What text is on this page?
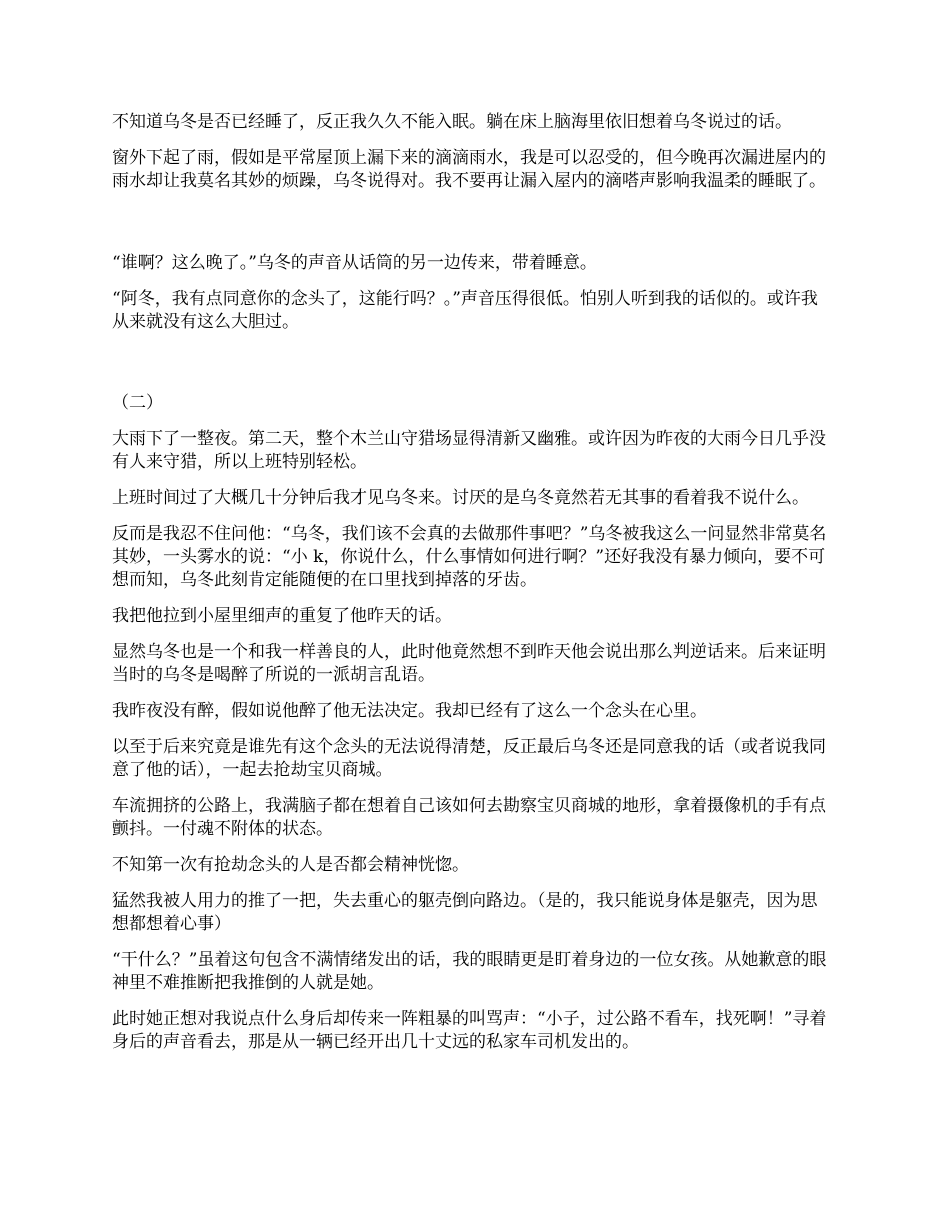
不知道乌冬是否已经睡了，反正我久久不能入眠。躺在床上脑海里依旧想着乌冬说过的话。

窗外下起了雨，假如是平常屋顶上漏下来的滴滴雨水，我是可以忍受的，但今晚再次漏进屋内的雨水却让我莫名其妙的烦躁，乌冬说得对。我不要再让漏入屋内的滴嗒声影响我温柔的睡眠了。

“谁啊？这么晚了。”乌冬的声音从话筒的另一边传来，带着睡意。

“阿冬，我有点同意你的念头了，这能行吗？。”声音压得很低。怕别人听到我的话似的。或许我从来就没有这么大胆过。

（二）

大雨下了一整夜。第二天，整个木兰山守猎场显得清新又幽雅。或许因为昨夜的大雨今日几乎没有人来守猎，所以上班特别轻松。

上班时间过了大概几十分钟后我才见乌冬来。讨厌的是乌冬竟然若无其事的看着我不说什么。

反而是我忍不住问他：“乌冬，我们该不会真的去做那件事吧？”乌冬被我这么一问显然非常莫名其妙，一头雾水的说：“小 k，你说什么，什么事情如何进行啊？”还好我没有暴力倾向，要不可想而知，乌冬此刻肯定能随便的在口里找到掉落的牙齿。

我把他拉到小屋里细声的重复了他昨天的话。

显然乌冬也是一个和我一样善良的人，此时他竟然想不到昨天他会说出那么判逆话来。后来证明当时的乌冬是喝醉了所说的一派胡言乱语。

我昨夜没有醉，假如说他醉了他无法决定。我却已经有了这么一个念头在心里。

以至于后来究竟是谁先有这个念头的无法说得清楚，反正最后乌冬还是同意我的话（或者说我同意了他的话），一起去抢劫宝贝商城。

车流拥挤的公路上，我满脑子都在想着自己该如何去勘察宝贝商城的地形，拿着摄像机的手有点颤抖。一付魂不附体的状态。

不知第一次有抢劫念头的人是否都会精神恍惚。

猛然我被人用力的推了一把，失去重心的躯壳倒向路边。（是的，我只能说身体是躯壳，因为思想都想着心事）

“干什么？”虽着这句包含不满情绪发出的话，我的眼睛更是盯着身边的一位女孩。从她歉意的眼神里不难推断把我推倒的人就是她。

此时她正想对我说点什么身后却传来一阵粗暴的叫骂声：“小子，过公路不看车，找死啊！”寻着身后的声音看去，那是从一辆已经开出几十丈远的私家车司机发出的。
